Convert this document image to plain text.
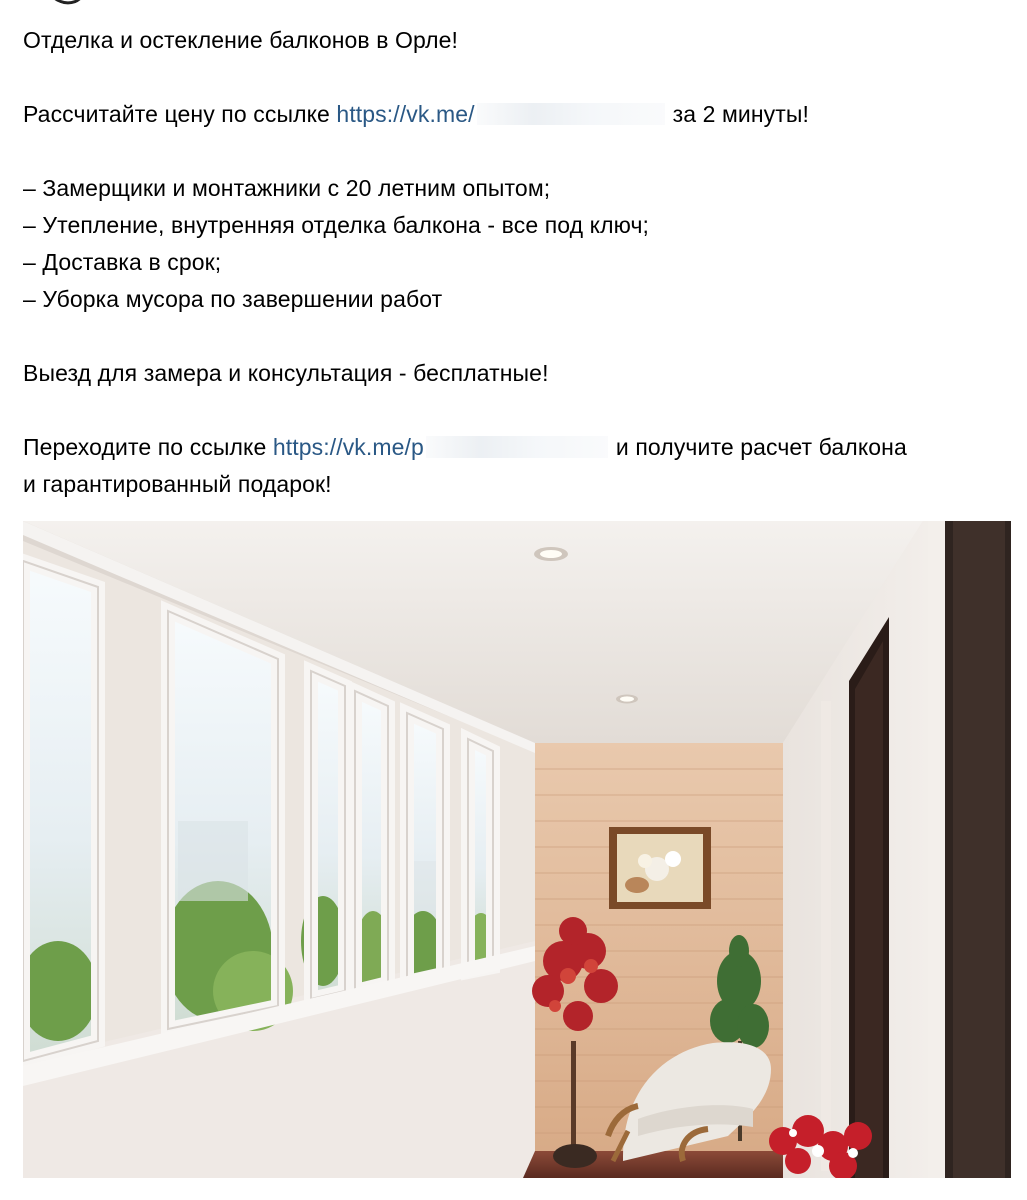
Отделка и остекление балконов в Орле!

Рассчитайте цену по ссылке https://vk.me/	за 2 минуты!

– Замерщики и монтажники с 20 летним опытом;

– Утепление, внутренняя отделка балкона - все под ключ;

– Доставка в срок;

– Уборка мусора по завершении работ

Выезд для замера и консультация - бесплатные!

Переходите по ссылке https://vk.me/p	и получите расчет балкона

и гарантированный подарок!
